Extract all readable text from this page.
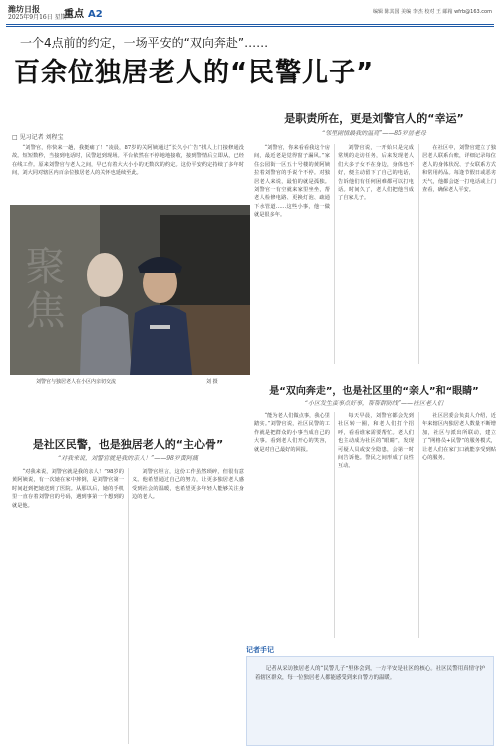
潍坊日报
2025年9月16日 星期二
重点 A2	编辑 陈其国 美编 李杰 校对 王 邮箱 wfrb@163.com
一个4点前的约定，一场平安的“双向奔赴”……
百余位独居老人的“民警儿子”
□ 见习记者 刘程宝

“刘警官，你快来一趟，我挺痛了！”凌晨，87岁的关阿姨通过“长久小广告”找人上门接修通没故。短短数秒，当接到电话时，民警赶到现场。平台依然在不停地地接收，接到警情后立即从，已经在线工作。原来刘警官与老人之间，早已有着大大小小的无数次的约定。这份平安约定持续了多年时间，刘大同对辖区内百余位独居老人的关怀也延续至此。

是职责所在，更是刘警官人的“幸运”
“邻里剧情最我的温亮”——85岁居老母

“刘警官，你来看看我这个房间，最近老是觉得窗子漏风。”家住公园街一区五十号楼的黄阿姨拉着刘警官的手说个不停。对独居老人来说，最怕的就是孤独。刘警官一有空就来家里坐坐，帮老人检修电路、更换灯泡、疏通下水管道……这些小事，他一做就是很多年。

刘警官说，一开始只是完成常规的走访任务，后来发现老人们大多子女不在身边，身体也不好，便主动留下了自己的电话，告诉他们有任何困难都可以打电话。时间久了，老人们把他当成了自家儿子。

在社区中，刘警官建立了独居老人联系台账，详细记录每位老人的身体状况、子女联系方式和常用药品。每逢节假日或恶劣天气，他都会逐一打电话或上门查看，确保老人平安。

聚焦
刘警官与独居老人在小区内亲切交流	刘 摄
是“双向奔走”，也是社区里的“亲人”和“眼睛”
“小区发生蛮事点好事，帮帮群防线”——社区老人们

“能为老人们做点事，我心里踏实。”刘警官说，社区民警的工作就是把群众的小事当成自己的大事。看到老人们开心的笑容，就是对自己最好的回报。

每天早晨，刘警官都会先到社区转一圈，和老人们打个招呼，看看谁家需要帮忙。老人们也主动成为社区的“眼睛”，发现可疑人员或安全隐患，会第一时间告诉他。警民之间形成了良性互动。

社区居委会负责人介绍，近年来辖区内独居老人数量不断增加，社区与派出所联动，建立了“网格员+民警”的服务模式，让老人们在家门口就能享受到贴心的服务。

是社区民警，也是独居老人的“主心骨”
“对我来说，刘警官就是我的亲人！”——98岁黄阿姨

“对我来说，刘警官就是我的亲人！”98岁的黄阿姨说，有一次她在家中摔倒，是刘警官第一时间赶到把她送到了医院。从那以后，她的手机里一直存着刘警官的号码，遇到事第一个想到的就是他。

刘警官坦言，这份工作虽然琐碎，但很有意义。他希望通过自己的努力，让更多独居老人感受到社会的温暖，也希望更多年轻人能够关注身边的老人。

记者手记

记者从采访独居老人的“民警儿子”里体会到，一方平安是社区的核心。社区民警用真情守护着辖区群众，每一位独居老人都能感受到来自警方的温暖。
